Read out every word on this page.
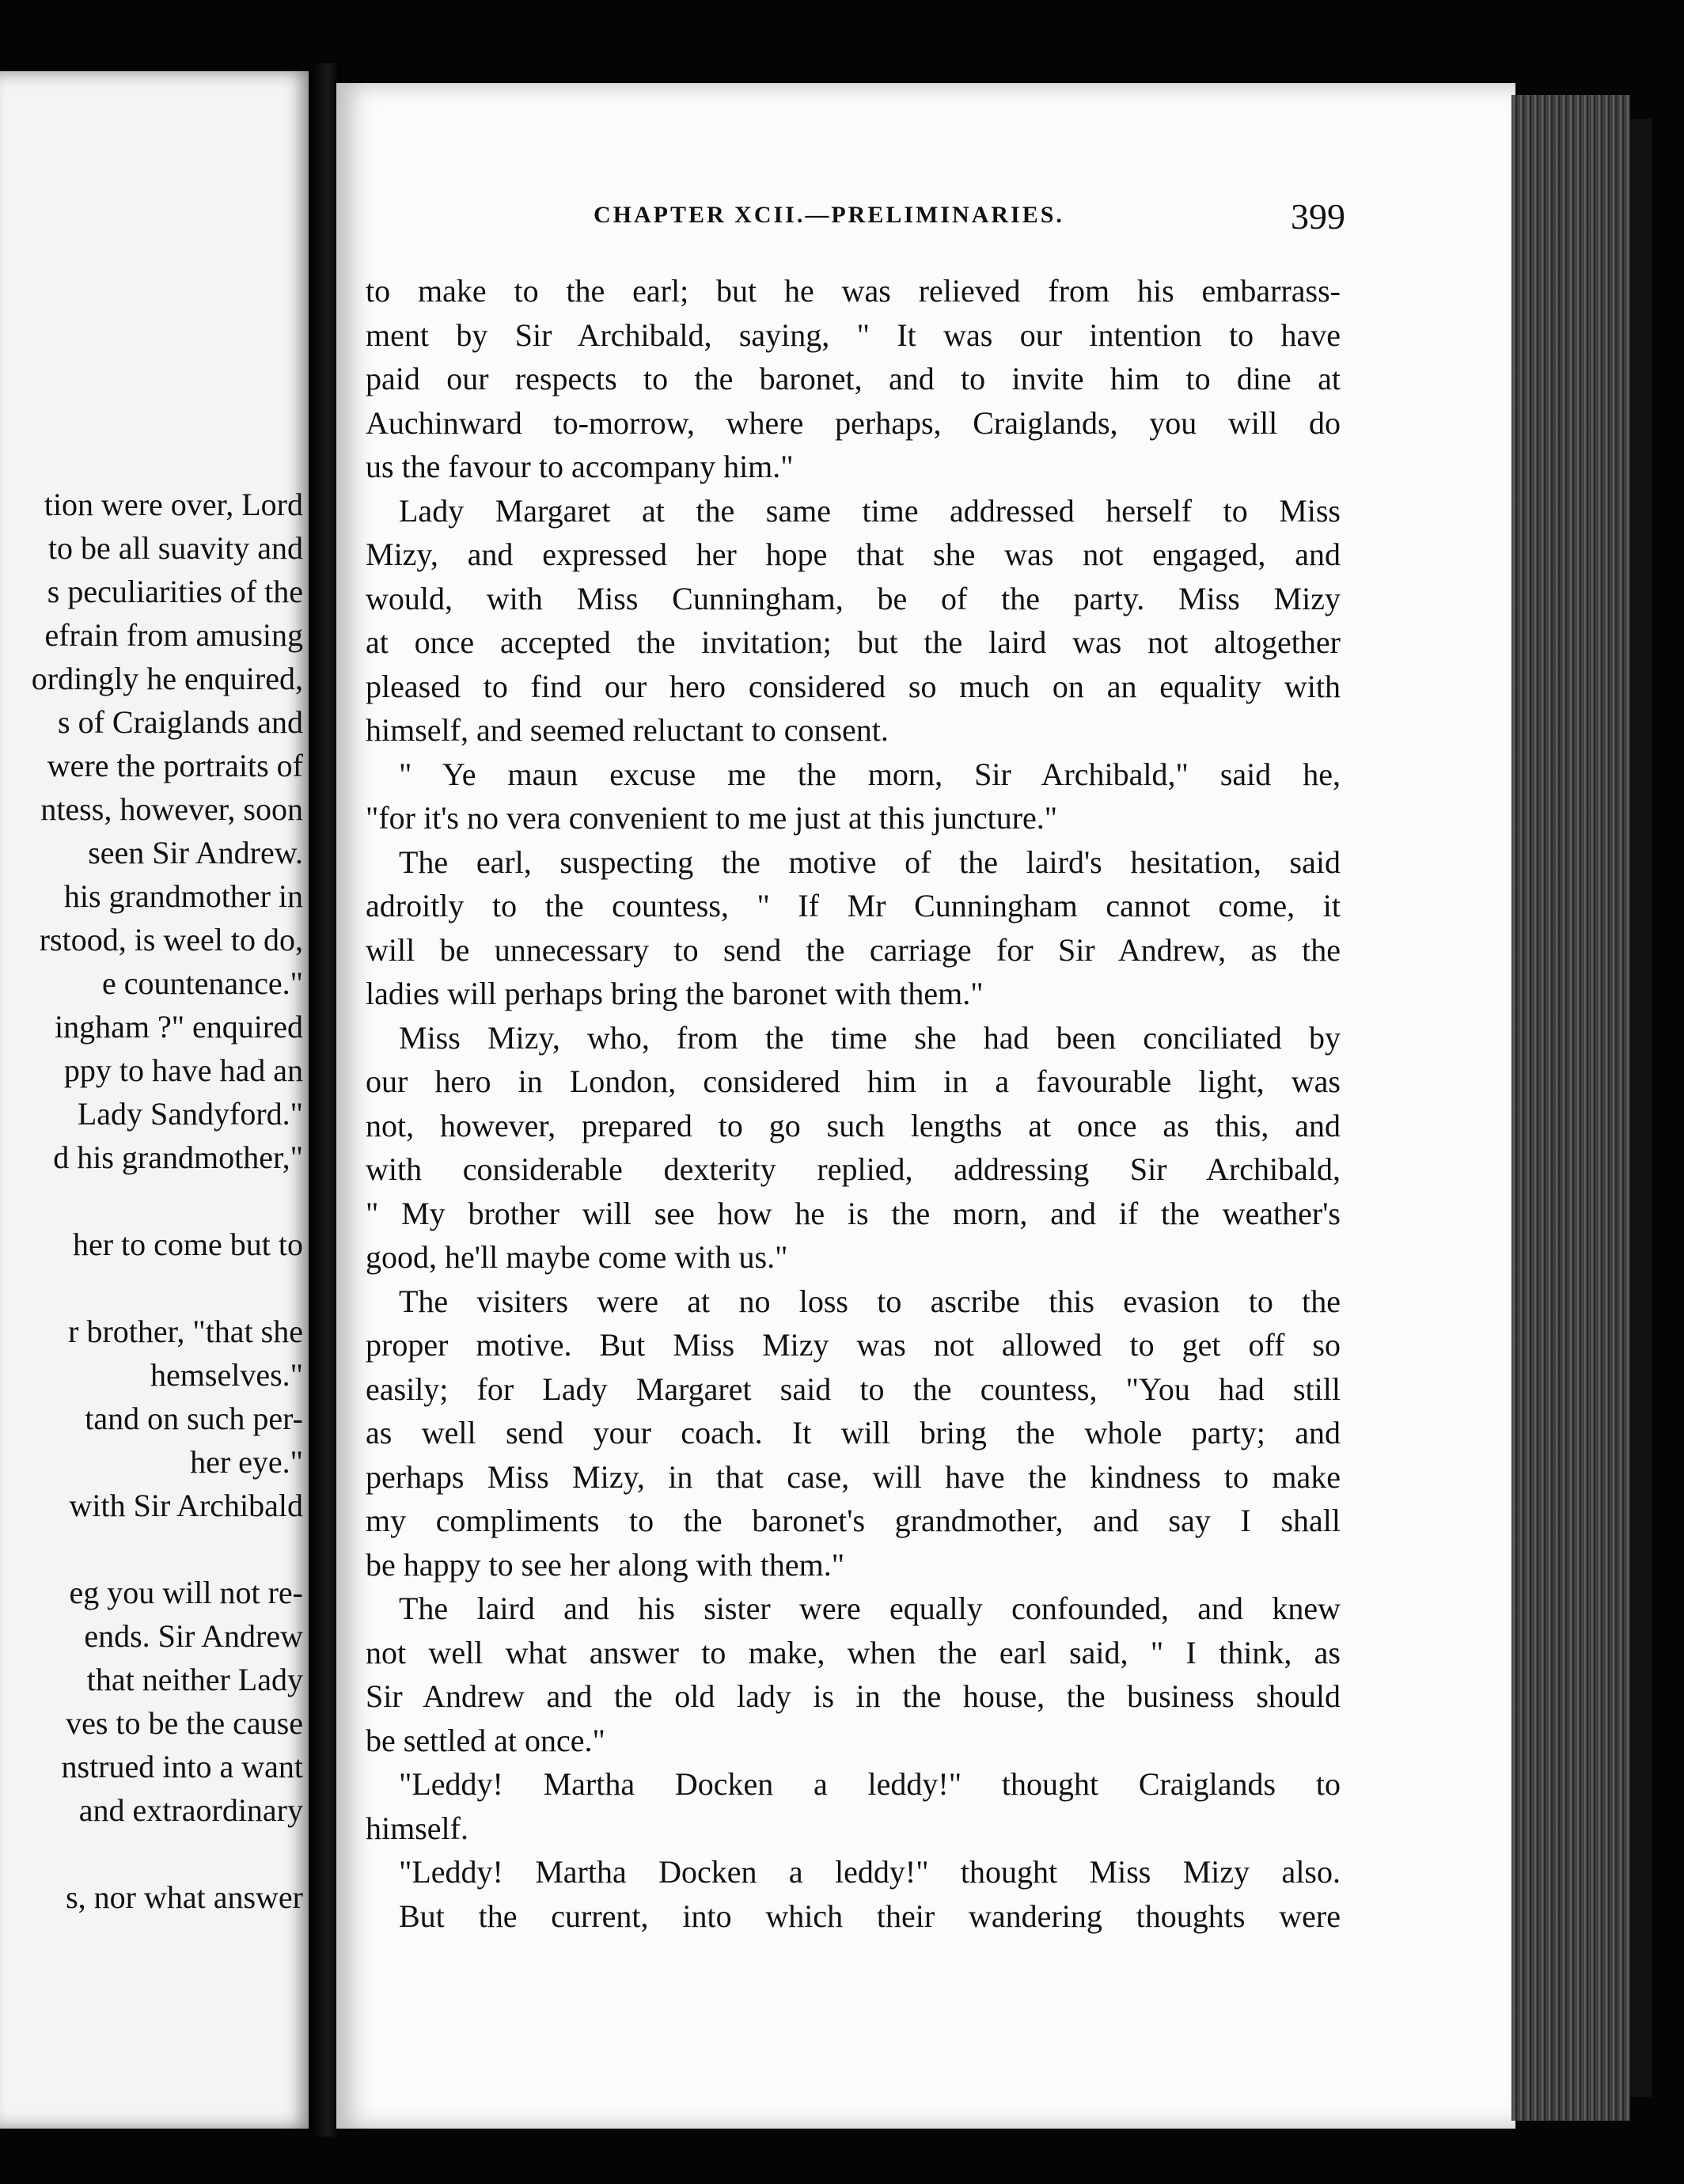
tion were over, Lord
to be all suavity and
s peculiarities of the
efrain from amusing
ordingly he enquired,
s of Craiglands and
were the portraits of
ntess, however, soon
seen Sir Andrew.
his grandmother in
rstood, is weel to do,
e countenance."
ingham ?" enquired
ppy to have had an
Lady Sandyford."
d his grandmother,"
her to come but to
r brother, "that she
hemselves."
tand on such per-
her eye."
with Sir Archibald
eg you will not re-
ends. Sir Andrew
that neither Lady
ves to be the cause
nstrued into a want
and extraordinary
s, nor what answer
CHAPTER XCII.—PRELIMINARIES.	399
to make to the earl; but he was relieved from his embarrass-
ment by Sir Archibald, saying, " It was our intention to have
paid our respects to the baronet, and to invite him to dine at
Auchinward to-morrow, where perhaps, Craiglands, you will do
us the favour to accompany him."
Lady Margaret at the same time addressed herself to Miss
Mizy, and expressed her hope that she was not engaged, and
would, with Miss Cunningham, be of the party. Miss Mizy
at once accepted the invitation; but the laird was not altogether
pleased to find our hero considered so much on an equality with
himself, and seemed reluctant to consent.
" Ye maun excuse me the morn, Sir Archibald," said he,
"for it's no vera convenient to me just at this juncture."
The earl, suspecting the motive of the laird's hesitation, said
adroitly to the countess, " If Mr Cunningham cannot come, it
will be unnecessary to send the carriage for Sir Andrew, as the
ladies will perhaps bring the baronet with them."
Miss Mizy, who, from the time she had been conciliated by
our hero in London, considered him in a favourable light, was
not, however, prepared to go such lengths at once as this, and
with considerable dexterity replied, addressing Sir Archibald,
" My brother will see how he is the morn, and if the weather's
good, he'll maybe come with us."
The visiters were at no loss to ascribe this evasion to the
proper motive. But Miss Mizy was not allowed to get off so
easily; for Lady Margaret said to the countess, "You had still
as well send your coach. It will bring the whole party; and
perhaps Miss Mizy, in that case, will have the kindness to make
my compliments to the baronet's grandmother, and say I shall
be happy to see her along with them."
The laird and his sister were equally confounded, and knew
not well what answer to make, when the earl said, " I think, as
Sir Andrew and the old lady is in the house, the business should
be settled at once."
"Leddy! Martha Docken a leddy!" thought Craiglands to
himself.
"Leddy! Martha Docken a leddy!" thought Miss Mizy also.
But the current, into which their wandering thoughts were
